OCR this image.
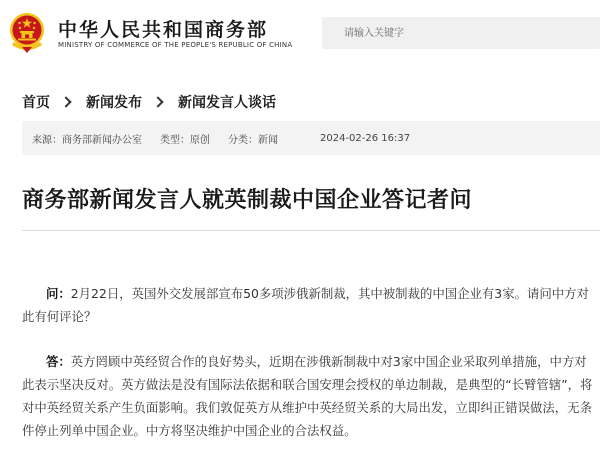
中华人民共和国商务部
MINISTRY OF COMMERCE OF THE PEOPLE'S REPUBLIC OF CHINA
请输入关键字
首页	新闻发布	新闻发言人谈话
来源：商务部新闻办公室 类型：原创 分类：新闻	2024-02-26 16:37
商务部新闻发言人就英制裁中国企业答记者问

问：2月22日，英国外交发展部宣布50多项涉俄新制裁，其中被制裁的中国企业有3家。请问中方对此有何评论？

答：英方罔顾中英经贸合作的良好势头，近期在涉俄新制裁中对3家中国企业采取列单措施，中方对此表示坚决反对。英方做法是没有国际法依据和联合国安理会授权的单边制裁，是典型的“长臂管辖”，将对中英经贸关系产生负面影响。我们敦促英方从维护中英经贸关系的大局出发，立即纠正错误做法，无条件停止列单中国企业。中方将坚决维护中国企业的合法权益。
